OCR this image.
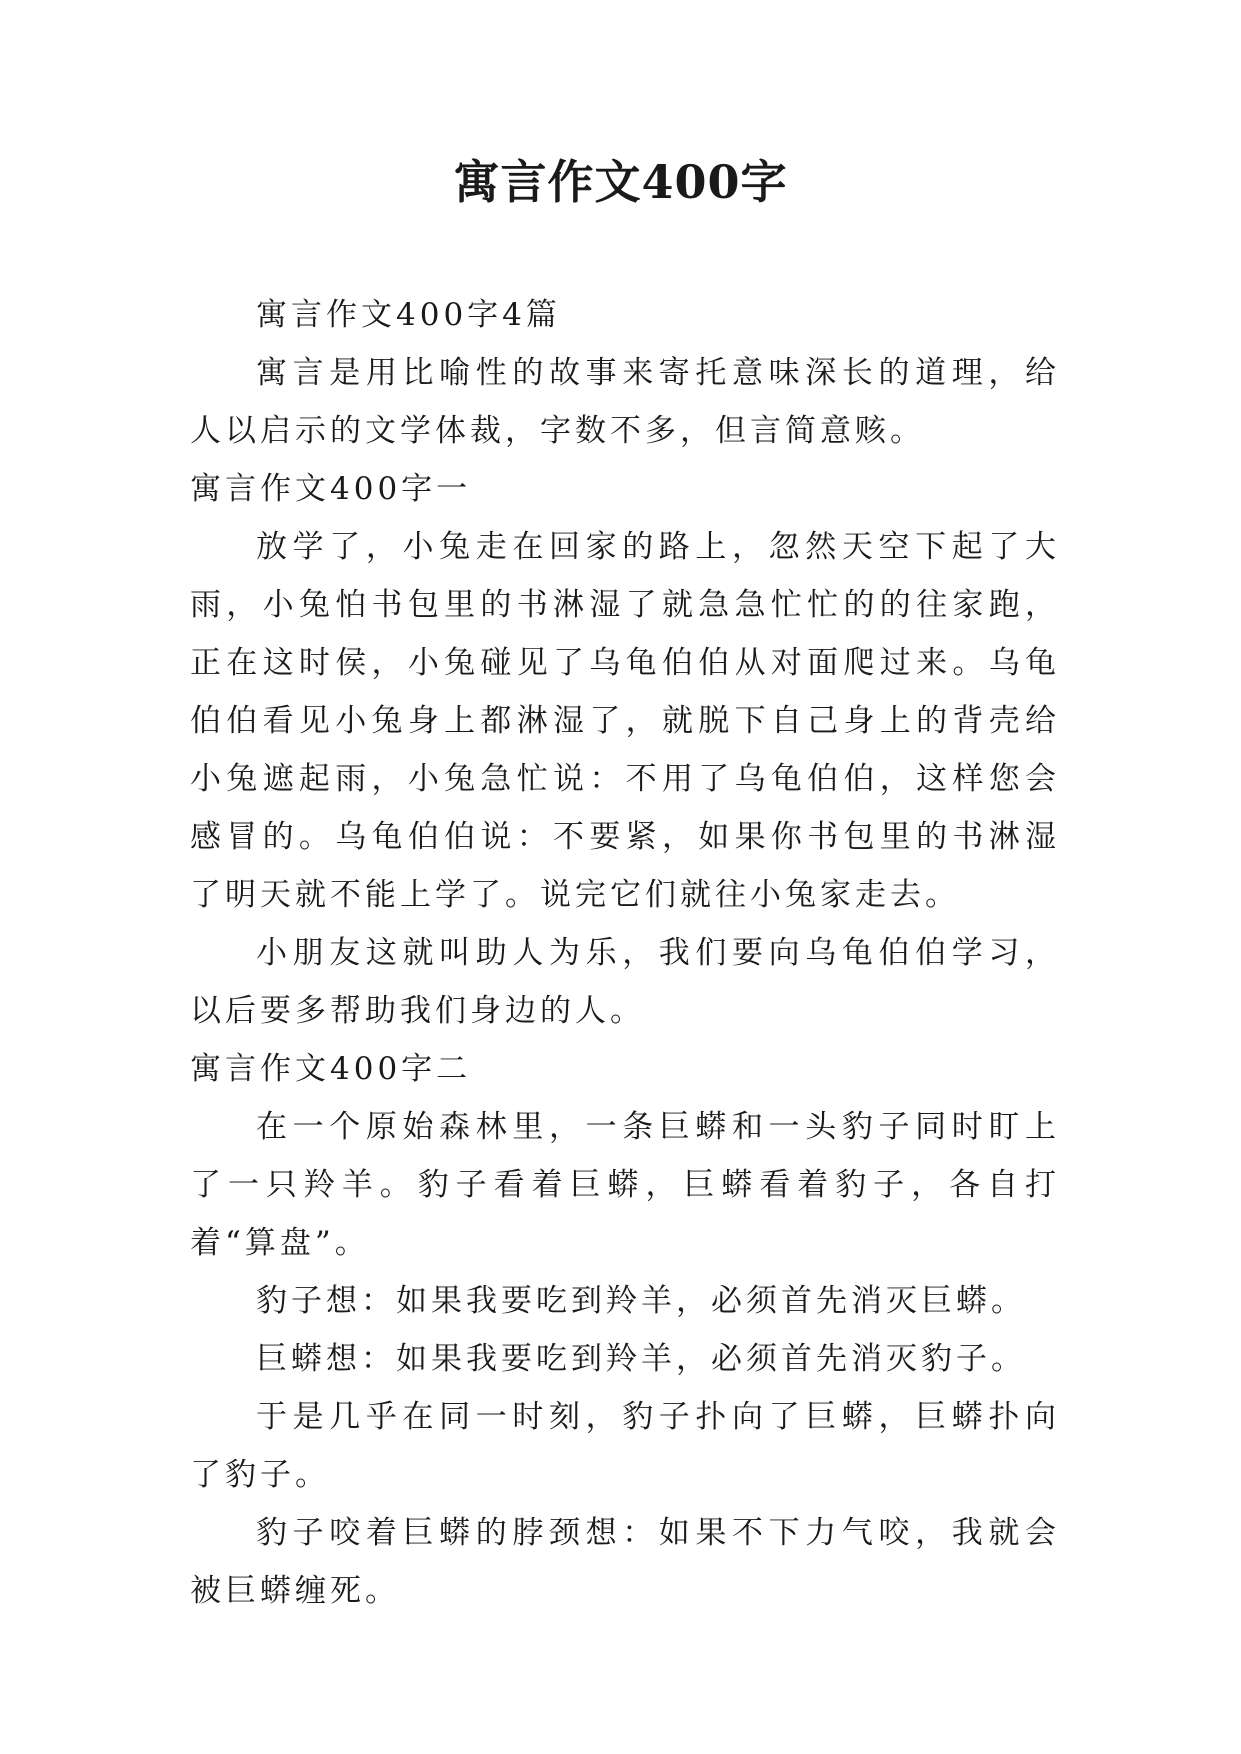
寓言作文400字

寓言作文400字4篇

寓言是用比喻性的故事来寄托意味深长的道理，给人以启示的文学体裁，字数不多，但言简意赅。

寓言作文400字一

放学了，小兔走在回家的路上，忽然天空下起了大雨，小兔怕书包里的书淋湿了就急急忙忙的的往家跑，正在这时侯，小兔碰见了乌龟伯伯从对面爬过来。乌龟伯伯看见小兔身上都淋湿了，就脱下自己身上的背壳给小兔遮起雨，小兔急忙说：不用了乌龟伯伯，这样您会感冒的。乌龟伯伯说：不要紧，如果你书包里的书淋湿了明天就不能上学了。说完它们就往小兔家走去。

小朋友这就叫助人为乐，我们要向乌龟伯伯学习，以后要多帮助我们身边的人。

寓言作文400字二

在一个原始森林里，一条巨蟒和一头豹子同时盯上了一只羚羊。豹子看着巨蟒，巨蟒看着豹子，各自打着“算盘”。

豹子想：如果我要吃到羚羊，必须首先消灭巨蟒。

巨蟒想：如果我要吃到羚羊，必须首先消灭豹子。

于是几乎在同一时刻，豹子扑向了巨蟒，巨蟒扑向了豹子。

豹子咬着巨蟒的脖颈想：如果不下力气咬，我就会被巨蟒缠死。
